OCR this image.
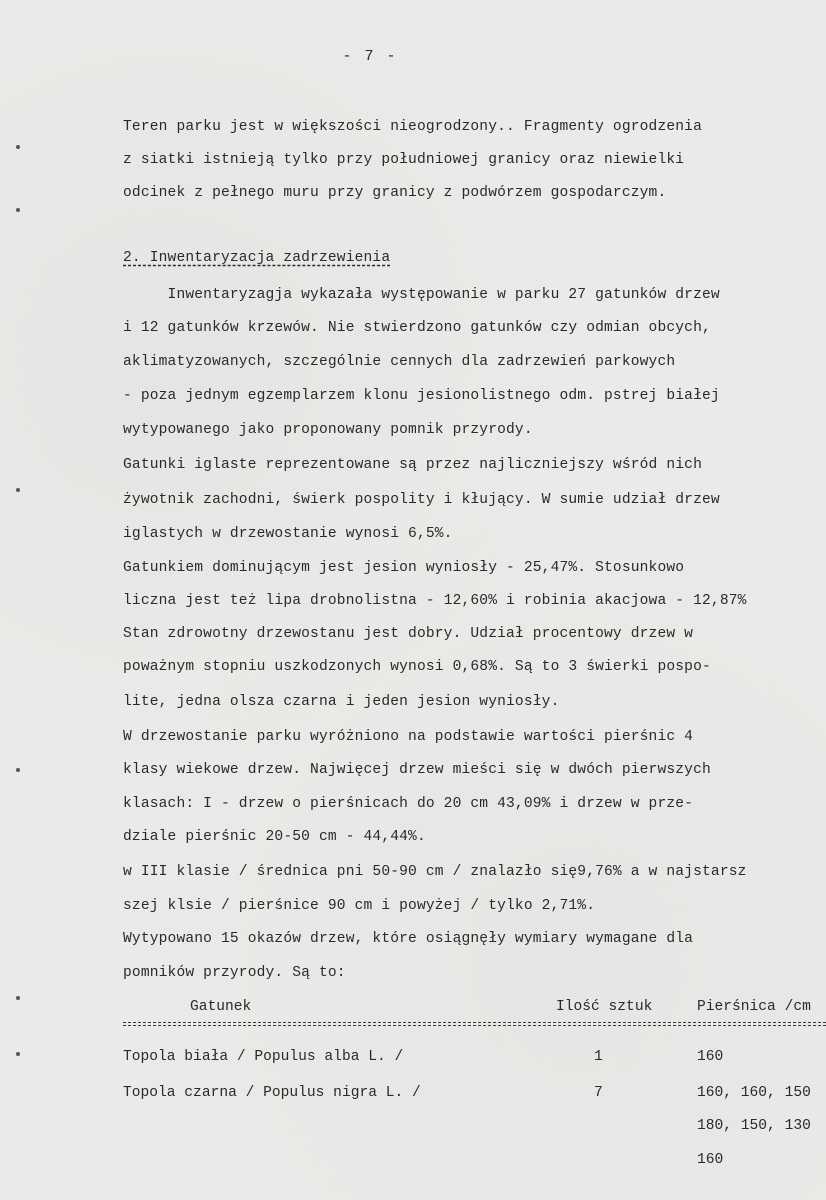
- 7 -
Teren parku jest w większości nieogrodzony.. Fragmenty ogrodzenia
z siatki istnieją tylko przy południowej granicy oraz niewielki
odcinek z pełnego muru przy granicy z podwórzem gospodarczym.
2. Inwentaryzacja zadrzewienia
Inwentaryzagja wykazała występowanie w parku 27 gatunków drzew
i 12 gatunków krzewów. Nie stwierdzono gatunków czy odmian obcych,
aklimatyzowanych, szczególnie cennych dla zadrzewień parkowych
- poza jednym egzemplarzem klonu jesionolistnego odm. pstrej białej
wytypowanego jako proponowany pomnik przyrody.
Gatunki iglaste reprezentowane są przez najliczniejszy wśród nich
żywotnik zachodni, świerk pospolity i kłujący. W sumie udział drzew
iglastych w drzewostanie wynosi 6,5%.
Gatunkiem dominującym jest jesion wyniosły - 25,47%. Stosunkowo
liczna jest też lipa drobnolistna - 12,60% i robinia akacjowa - 12,87%
Stan zdrowotny drzewostanu jest dobry. Udział procentowy drzew w
poważnym stopniu uszkodzonych wynosi 0,68%. Są to 3 świerki pospo-
lite, jedna olsza czarna i jeden jesion wyniosły.
W drzewostanie parku wyróżniono na podstawie wartości pierśnic 4
klasy wiekowe drzew. Najwięcej drzew mieści się w dwóch pierwszych
klasach: I - drzew o pierśnicach do 20 cm 43,09% i drzew w prze-
dziale pierśnic 20-50 cm - 44,44%.
w III klasie / średnica pni 50-90 cm / znalazło się9,76% a w najstarsz
szej klsie / pierśnice 90 cm i powyżej / tylko 2,71%.
Wytypowano 15 okazów drzew, które osiągnęły wymiary wymagane dla
pomników przyrody. Są to:
Gatunek	Ilość sztuk	Pierśnica /cm
Topola biała / Populus alba L. /	1	160
Topola czarna / Populus nigra L. /	7	160, 160, 150
180, 150, 130
160
